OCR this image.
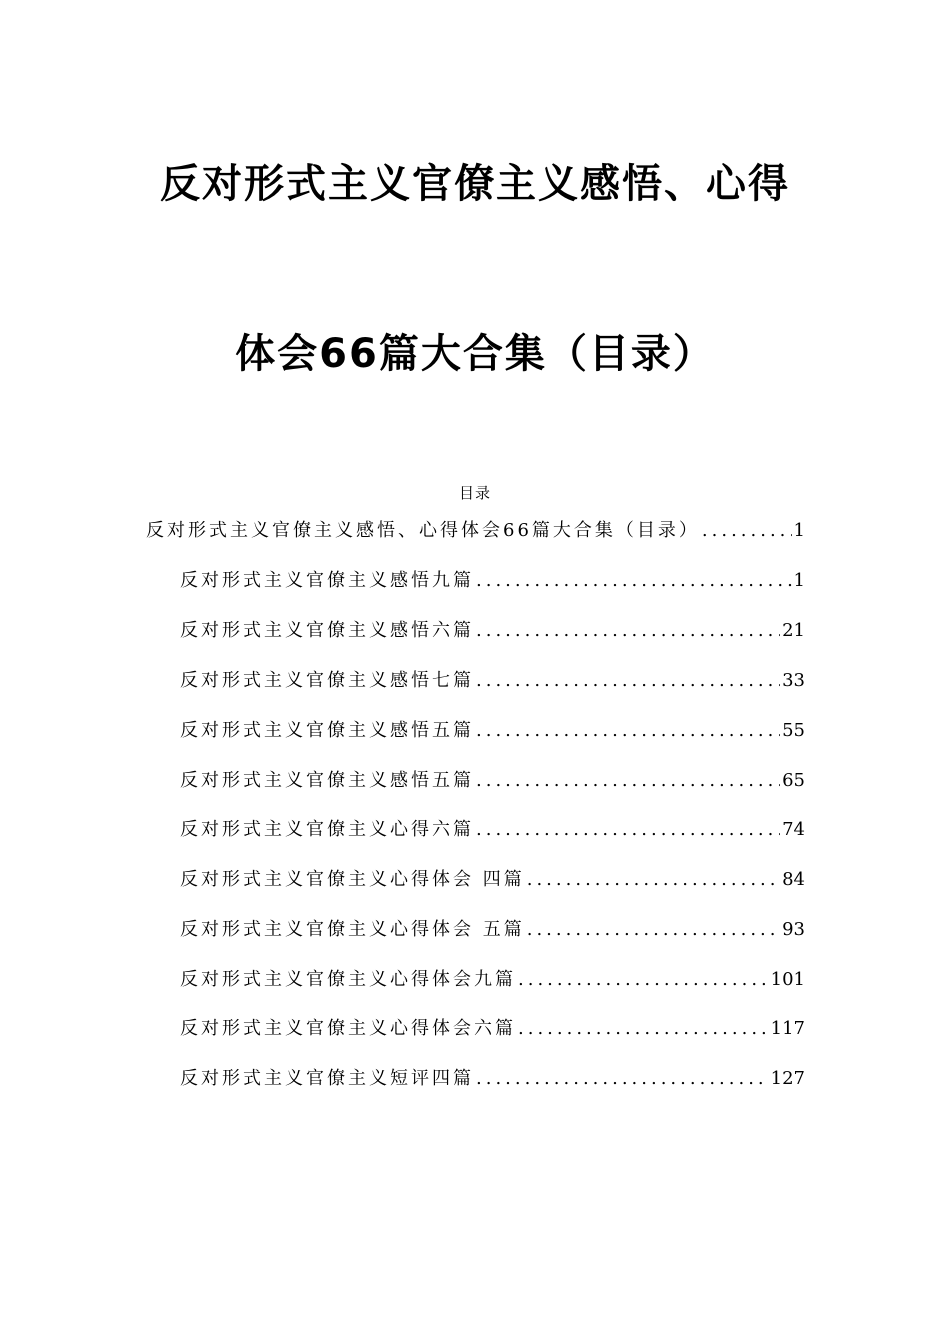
反对形式主义官僚主义感悟、心得
体会66篇大合集（目录）
目录
反对形式主义官僚主义感悟、心得体会66篇大合集（目录） .....	1
反对形式主义官僚主义感悟九篇 .....	1
反对形式主义官僚主义感悟六篇 .....	21
反对形式主义官僚主义感悟七篇 .....	33
反对形式主义官僚主义感悟五篇 .....	55
反对形式主义官僚主义感悟五篇 .....	65
反对形式主义官僚主义心得六篇 .....	74
反对形式主义官僚主义心得体会 四篇 .....	84
反对形式主义官僚主义心得体会 五篇 .....	93
反对形式主义官僚主义心得体会九篇 .....	101
反对形式主义官僚主义心得体会六篇 .....	117
反对形式主义官僚主义短评四篇 .....	127
